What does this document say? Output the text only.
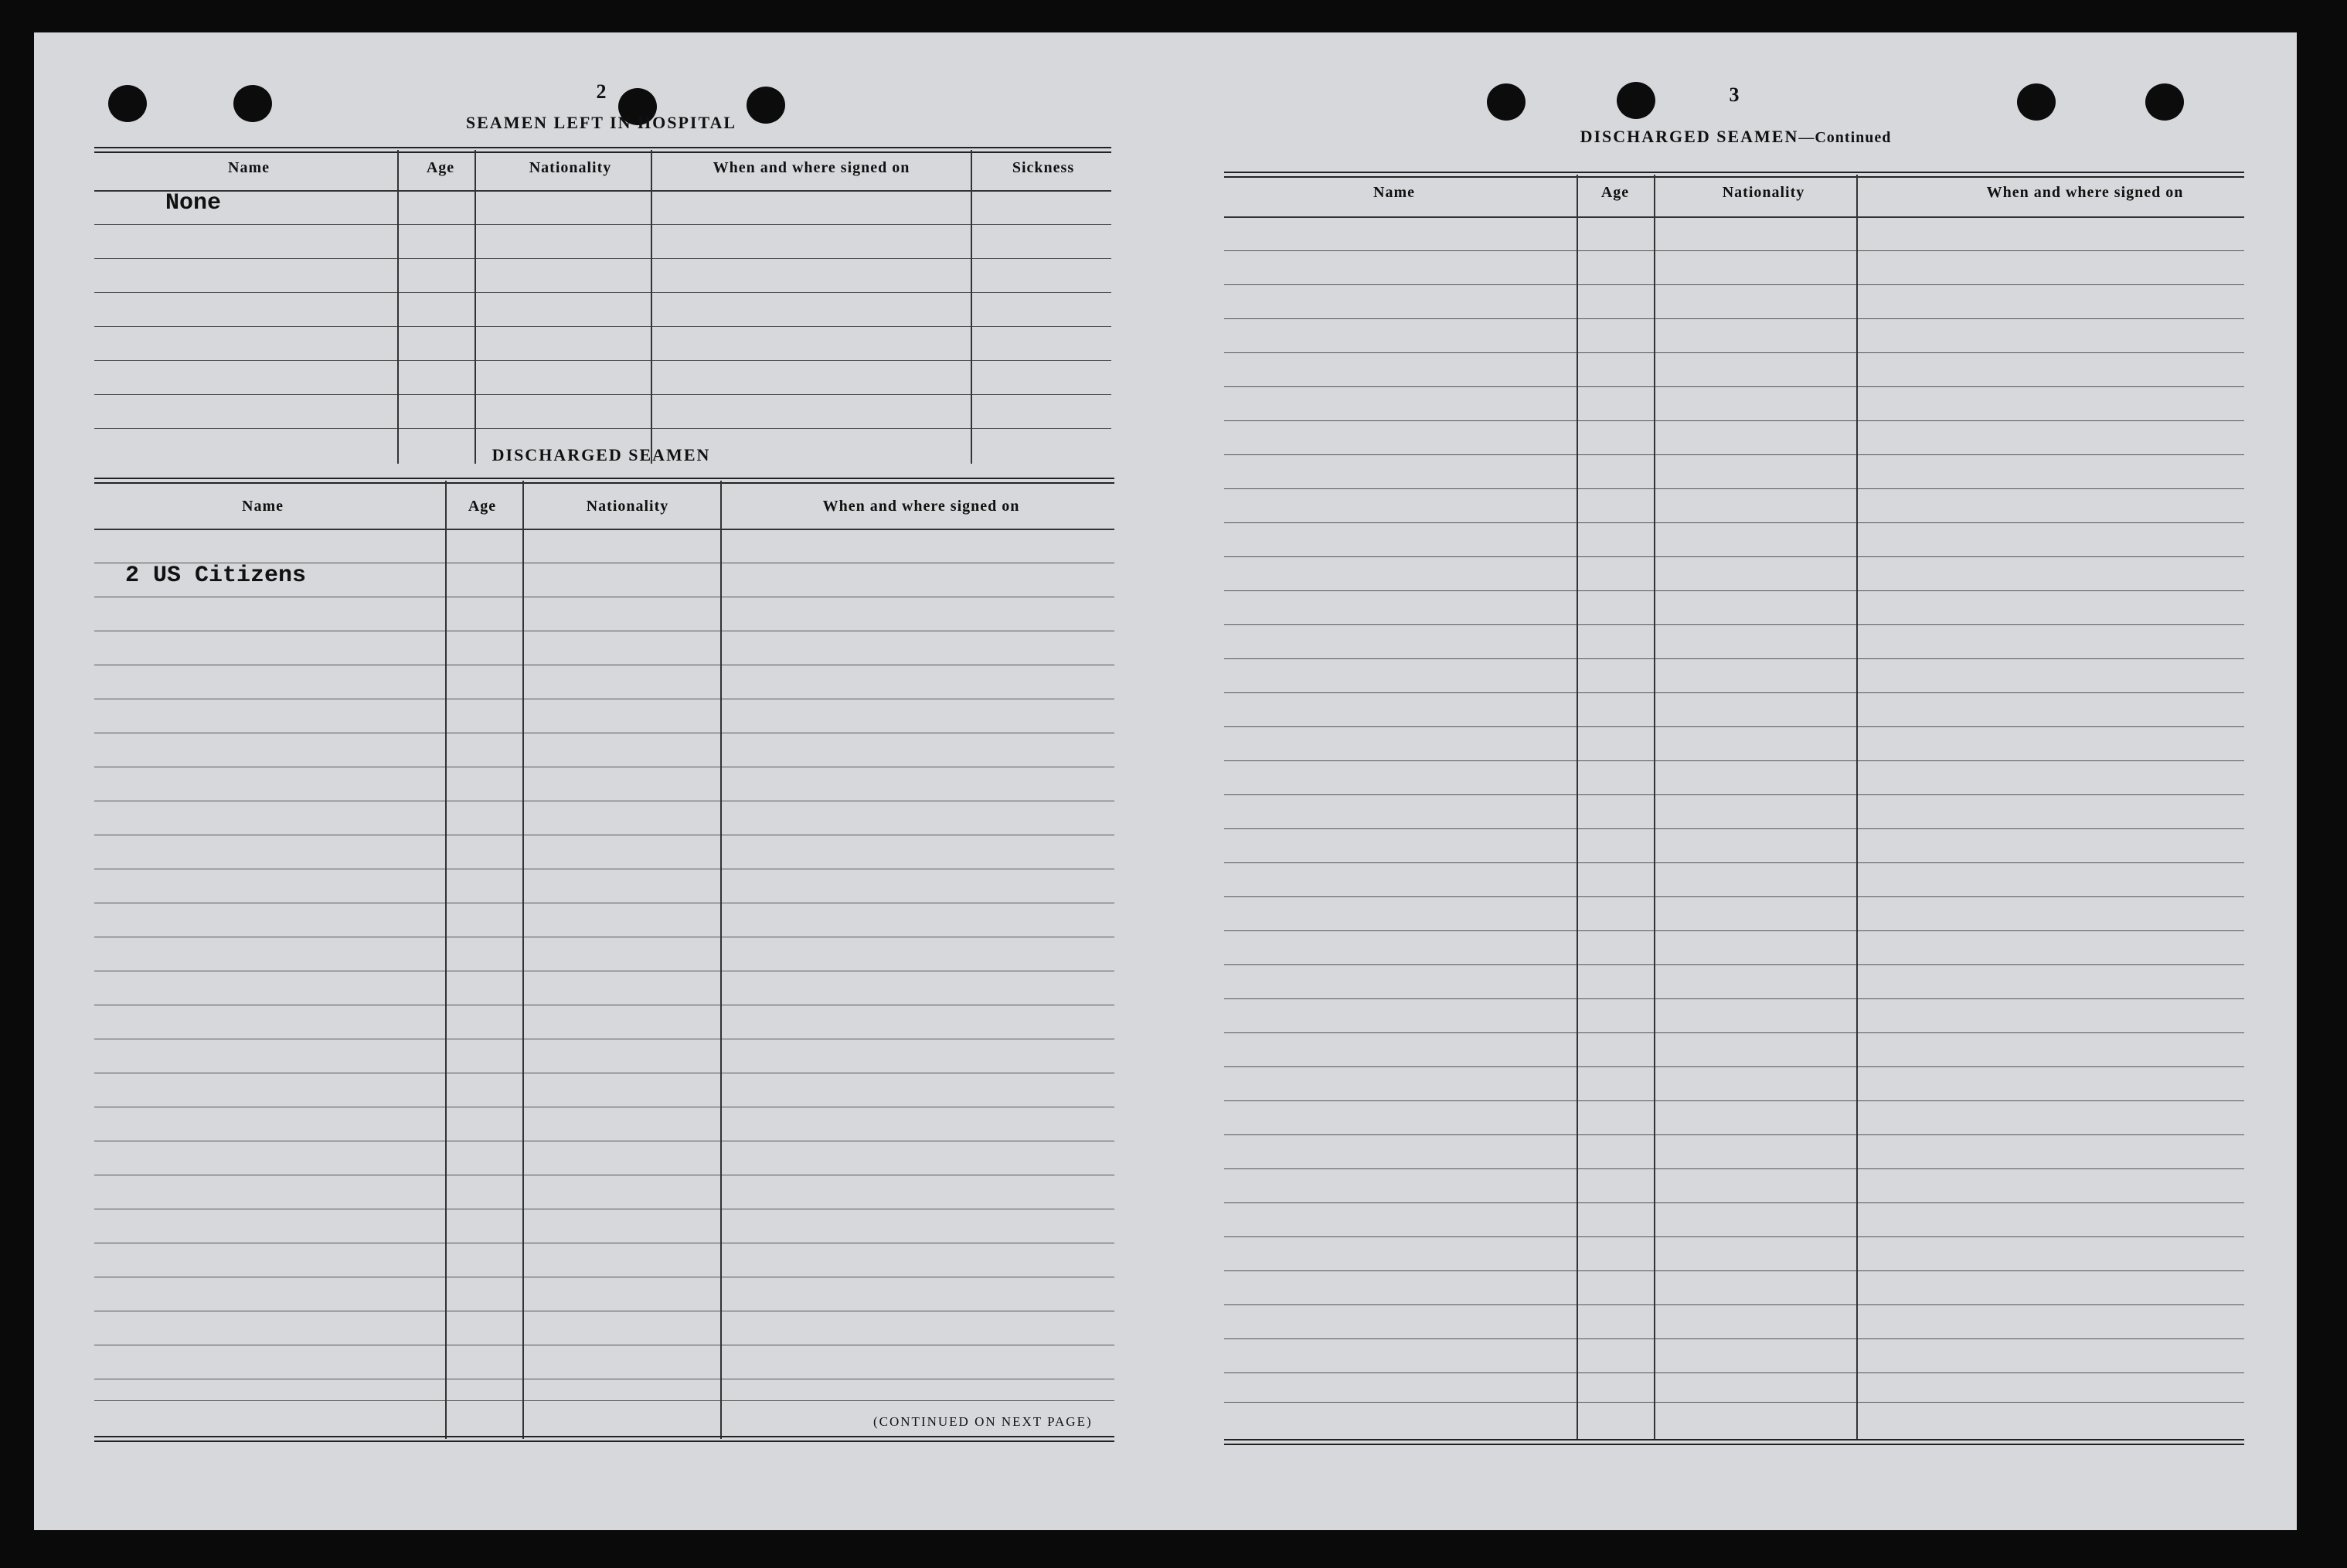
2
SEAMEN LEFT IN HOSPITAL
Name	Age	Nationality	When and where signed on	Sickness
None
DISCHARGED SEAMEN
Name	Age	Nationality	When and where signed on
2 US Citizens
(CONTINUED ON NEXT PAGE)
3
DISCHARGED SEAMEN—Continued
Name	Age	Nationality	When and where signed on
